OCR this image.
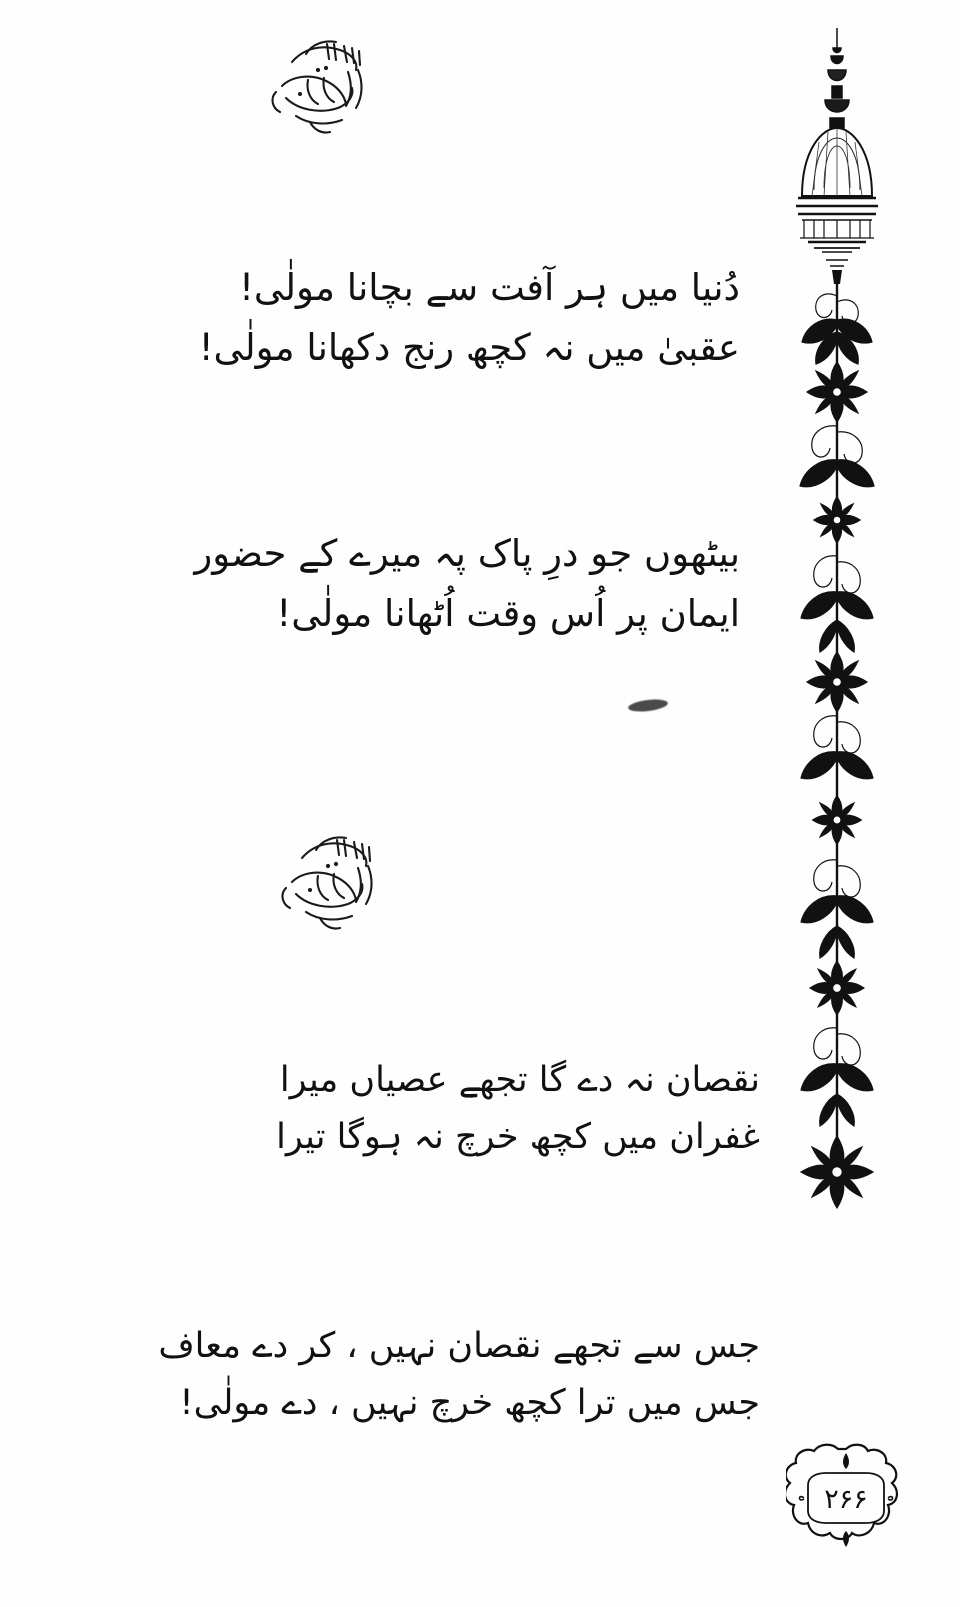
دُنیا میں ہر آفت سے بچانا مولٰی!
عقبیٰ میں نہ کچھ رنج دکھانا مولٰی!
بیٹھوں جو درِ پاک پہ میرے کے حضور
ایمان پر اُس وقت اُٹھانا مولٰی!
نقصان نہ دے گا تجھے عصیاں میرا
غفران میں کچھ خرچ نہ ہوگا تیرا
جس سے تجھے نقصان نہیں ، کر دے معاف
جس میں ترا کچھ خرچ نہیں ، دے مولٰی!
۲۶۶
